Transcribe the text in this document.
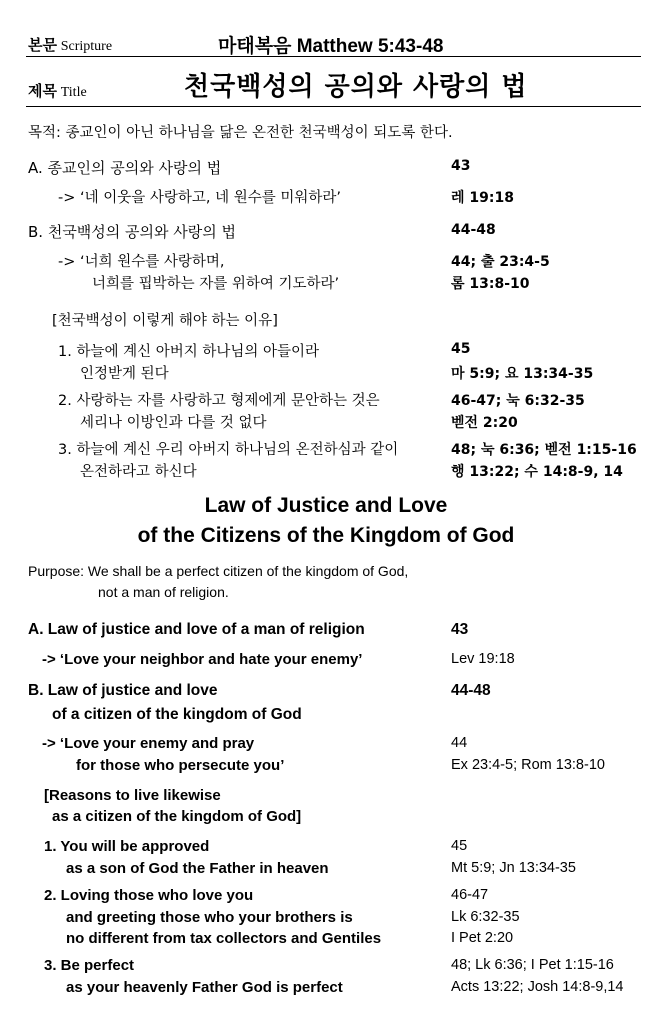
본문 Scripture	마태복음 Matthew 5:43-48
제목 Title	천국백성의 공의와 사랑의 법
목적: 종교인이 아닌 하나님을 닮은 온전한 천국백성이 되도록 한다.
A. 종교인의 공의와 사랑의 법	43
-> ‘네 이웃을 사랑하고, 네 원수를 미워하라’	레 19:18
B. 천국백성의 공의와 사랑의 법	44-48
-> ‘너희 원수를 사랑하며,	44; 출 23:4-5
너희를 핍박하는 자를 위하여 기도하라’	롬 13:8-10
[천국백성이 이렇게 해야 하는 이유]
1. 하늘에 계신 아버지 하나님의 아들이라	45
인정받게 된다	마 5:9; 요 13:34-35
2. 사랑하는 자를 사랑하고 형제에게 문안하는 것은	46-47; 눅 6:32-35
세리나 이방인과 다를 것 없다	벧전 2:20
3. 하늘에 계신 우리 아버지 하나님의 온전하심과 같이	48; 눅 6:36; 벧전 1:15-16
온전하라고 하신다	행 13:22; 수 14:8-9, 14
Law of Justice and Love
of the Citizens of the Kingdom of God
Purpose: We shall be a perfect citizen of the kingdom of God,
not a man of religion.
A. Law of justice and love of a man of religion	43
-> ‘Love your neighbor and hate your enemy’	Lev 19:18
B. Law of justice and love	44-48
of a citizen of the kingdom of God
-> ‘Love your enemy and pray	44
for those who persecute you’	Ex 23:4-5; Rom 13:8-10
[Reasons to live likewise
as a citizen of the kingdom of God]
1. You will be approved	45
as a son of God the Father in heaven	Mt 5:9; Jn 13:34-35
2. Loving those who love you	46-47
and greeting those who your brothers is	Lk 6:32-35
no different from tax collectors and Gentiles	I Pet 2:20
3. Be perfect	48; Lk 6:36; I Pet 1:15-16
as your heavenly Father God is perfect	Acts 13:22; Josh 14:8-9,14
